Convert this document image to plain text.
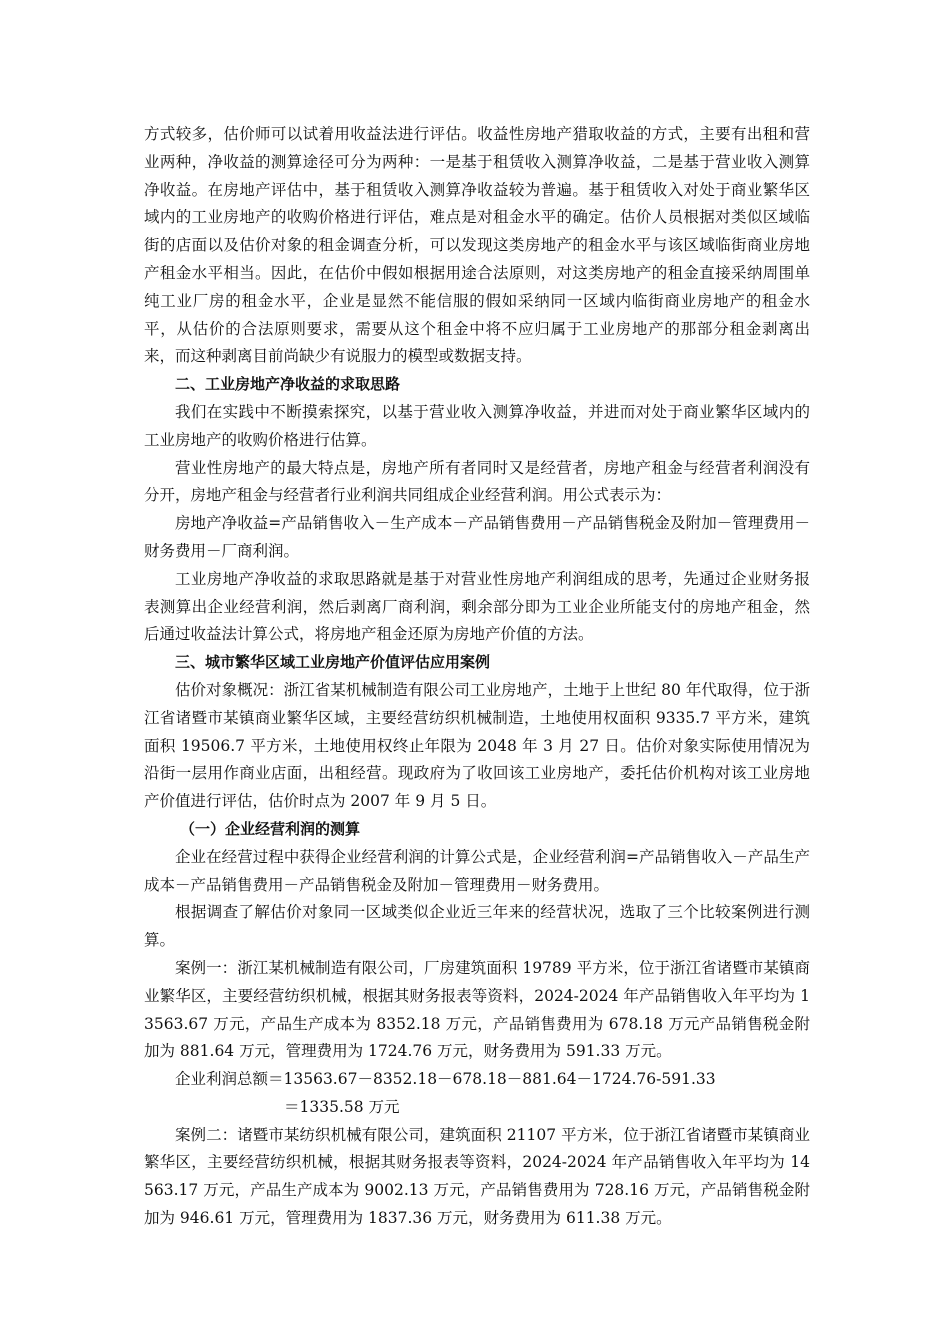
方式较多，估价师可以试着用收益法进行评估。收益性房地产猎取收益的方式，主要有出租和营业两种，净收益的测算途径可分为两种：一是基于租赁收入测算净收益，二是基于营业收入测算净收益。在房地产评估中，基于租赁收入测算净收益较为普遍。基于租赁收入对处于商业繁华区域内的工业房地产的收购价格进行评估，难点是对租金水平的确定。估价人员根据对类似区域临街的店面以及估价对象的租金调查分析，可以发现这类房地产的租金水平与该区域临街商业房地产租金水平相当。因此，在估价中假如根据用途合法原则，对这类房地产的租金直接采纳周围单纯工业厂房的租金水平，企业是显然不能信服的假如采纳同一区域内临街商业房地产的租金水平，从估价的合法原则要求，需要从这个租金中将不应归属于工业房地产的那部分租金剥离出来，而这种剥离目前尚缺少有说服力的模型或数据支持。

二、工业房地产净收益的求取思路

我们在实践中不断摸索探究，以基于营业收入测算净收益，并进而对处于商业繁华区域内的工业房地产的收购价格进行估算。

营业性房地产的最大特点是，房地产所有者同时又是经营者，房地产租金与经营者利润没有分开，房地产租金与经营者行业利润共同组成企业经营利润。用公式表示为：

房地产净收益=产品销售收入－生产成本－产品销售费用－产品销售税金及附加－管理费用－财务费用－厂商利润。

工业房地产净收益的求取思路就是基于对营业性房地产利润组成的思考，先通过企业财务报表测算出企业经营利润，然后剥离厂商利润，剩余部分即为工业企业所能支付的房地产租金，然后通过收益法计算公式，将房地产租金还原为房地产价值的方法。

三、城市繁华区域工业房地产价值评估应用案例

估价对象概况：浙江省某机械制造有限公司工业房地产，土地于上世纪 80 年代取得，位于浙江省诸暨市某镇商业繁华区域，主要经营纺织机械制造，土地使用权面积 9335.7 平方米，建筑面积 19506.7 平方米，土地使用权终止年限为 2048 年 3 月 27 日。估价对象实际使用情况为沿街一层用作商业店面，出租经营。现政府为了收回该工业房地产，委托估价机构对该工业房地产价值进行评估，估价时点为 2007 年 9 月 5 日。

（一）企业经营利润的测算

企业在经营过程中获得企业经营利润的计算公式是，企业经营利润=产品销售收入－产品生产成本－产品销售费用－产品销售税金及附加－管理费用－财务费用。

根据调查了解估价对象同一区域类似企业近三年来的经营状况，选取了三个比较案例进行测算。

案例一：浙江某机械制造有限公司，厂房建筑面积 19789 平方米，位于浙江省诸暨市某镇商业繁华区，主要经营纺织机械，根据其财务报表等资料，2024-2024 年产品销售收入年平均为 13563.67 万元，产品生产成本为 8352.18 万元，产品销售费用为 678.18 万元产品销售税金附加为 881.64 万元，管理费用为 1724.76 万元，财务费用为 591.33 万元。

企业利润总额＝13563.67－8352.18－678.18－881.64－1724.76-591.33

＝1335.58 万元

案例二：诸暨市某纺织机械有限公司，建筑面积 21107 平方米，位于浙江省诸暨市某镇商业繁华区，主要经营纺织机械，根据其财务报表等资料，2024-2024 年产品销售收入年平均为 14563.17 万元，产品生产成本为 9002.13 万元，产品销售费用为 728.16 万元，产品销售税金附加为 946.61 万元，管理费用为 1837.36 万元，财务费用为 611.38 万元。
